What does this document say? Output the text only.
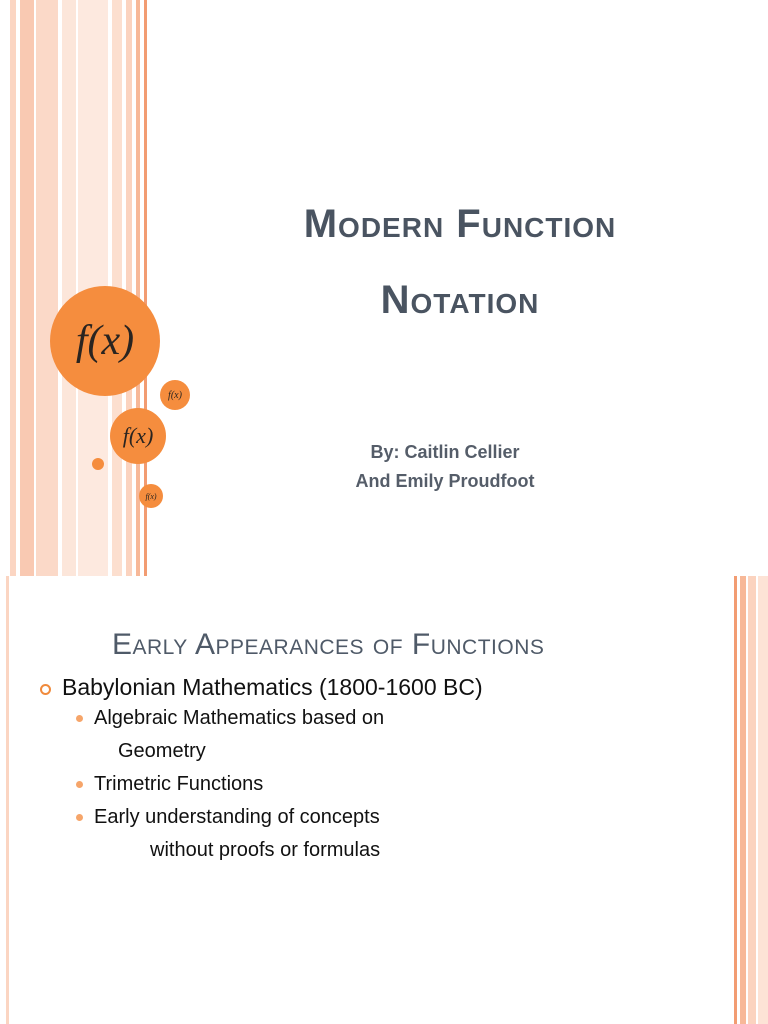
f(x)
f(x)
f(x)
f(x)
Modern Function
Notation
By: Caitlin Cellier
And Emily Proudfoot
Early Appearances of Functions
Babylonian Mathematics (1800-1600 BC)
Algebraic Mathematics based on
Geometry
Trimetric Functions
Early understanding of concepts
without proofs or formulas
